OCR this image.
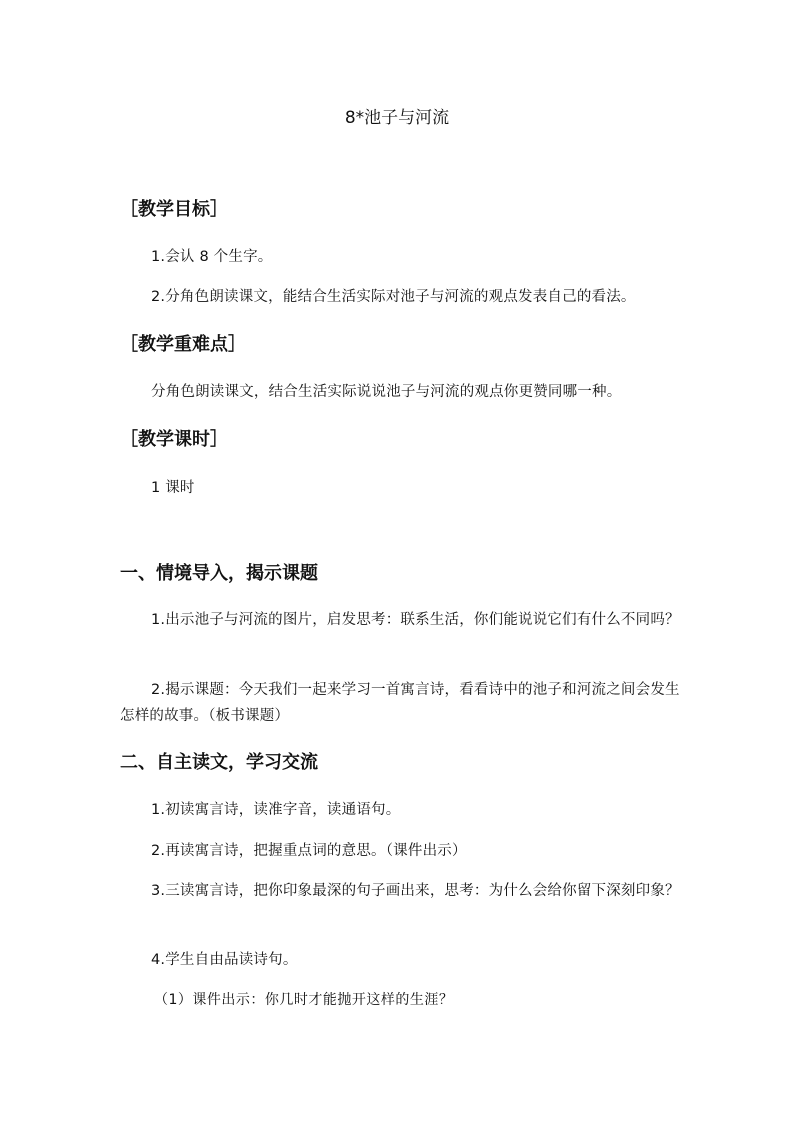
8*池子与河流
［教学目标］

1.会认 8 个生字。

2.分角色朗读课文，能结合生活实际对池子与河流的观点发表自己的看法。

［教学重难点］

分角色朗读课文，结合生活实际说说池子与河流的观点你更赞同哪一种。

［教学课时］

1 课时

一、情境导入，揭示课题

1.出示池子与河流的图片，启发思考：联系生活，你们能说说它们有什么不同吗？

2.揭示课题：今天我们一起来学习一首寓言诗，看看诗中的池子和河流之间会发生怎样的故事。（板书课题）

二、自主读文，学习交流

1.初读寓言诗，读准字音，读通语句。

2.再读寓言诗，把握重点词的意思。（课件出示）

3.三读寓言诗，把你印象最深的句子画出来，思考：为什么会给你留下深刻印象？

4.学生自由品读诗句。

（1）课件出示：你几时才能抛开这样的生涯？
